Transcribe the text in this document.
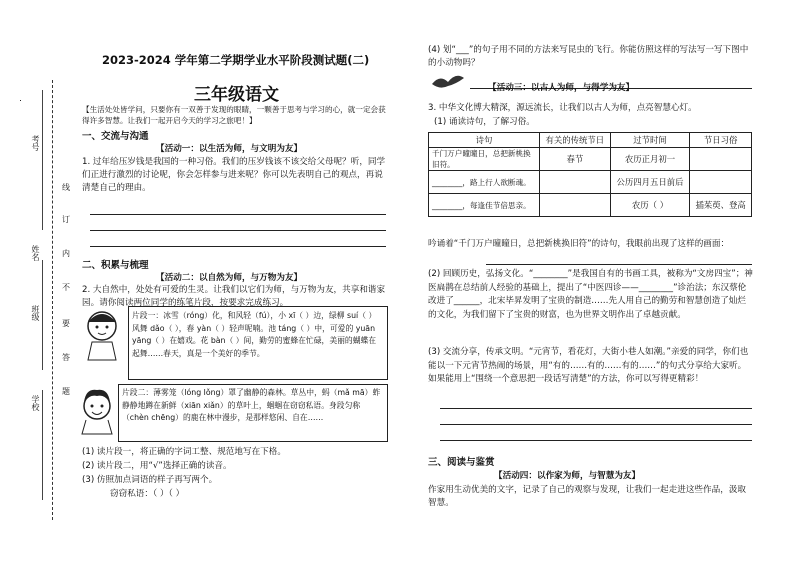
考号
姓名
班级
学校
线
订
内
不
要
答
题
2023-2024 学年第二学期学业水平阶段测试题(二)
三年级语文
【生活处处皆学问，只要你有一双善于发现的眼睛，一颗善于思考与学习的心，就一定会获得许多智慧。让我们一起开启今天的学习之旅吧！】
一、交流与沟通
【活动一：以生活为师，与文明为友】
1. 过年给压岁钱是我国的一种习俗。我们的压岁钱该不该交给父母呢？听，同学们正进行激烈的讨论呢，你会怎样参与进来呢？你可以先表明自己的观点，再说清楚自己的理由。
二、积累与梳理
【活动二：以自然为师，与万物为友】
2. 大自然中，处处有可爱的生灵。让我们以它们为师，与万物为友，共享和谐家园。请你阅读两位同学的练笔片段，按要求完成练习。
片段一：冰雪（róng）化，和风轻（fú），小 xī（ ）边，绿柳 suí（ ）风舞 dǎo（ ），春 yàn（ ）轻声呢喃。池 táng（ ）中，可爱的 yuān yāng（ ）在嬉戏。花 bàn（ ）间，勤劳的蜜蜂在忙碌，美丽的蝴蝶在起舞……春天，真是一个美好的季节。
片段二：薄雾笼（lóng lǒng）罩了幽静的森林。草丛中，蚂（mǎ mā）蚱静静地蹲在新鲜（xiān xiǎn）的草叶上，蝈蝈在窃窃私语。身段匀称（chèn chēng）的鹿在林中漫步，是那样悠闲、自在……
(1) 读片段一，将正确的字词工整、规范地写在下格。
(2) 读片段二，用“√”选择正确的读音。
(3) 仿照加点词语的样子再写两个。
窃窃私语：（ ）（ ）
(4) 划“___”的句子用不同的方法来写昆虫的飞行。你能仿照这样的写法写一写下图中的小动物吗？
【活动三：以古人为师，与得学为友】
3. 中华文化博大精深，源远流长，让我们以古人为师，点亮智慧心灯。
(1) 诵读诗句，了解习俗。
诗句	有关的传统节日	过节时间	节日习俗
千门万户曈曈日，总把新桃换旧符。	春节	农历正月初一	
________，路上行人欲断魂。		公历四月五日前后	
________，每逢佳节倍思亲。		农历（ ）	插茱萸、登高
吟诵着“千门万户曈曈日，总把新桃换旧符”的诗句，我眼前出现了这样的画面：
(2) 回顾历史，弘扬文化。“________”是我国自有的书画工具，被称为“文房四宝”；神医扁鹊在总结前人经验的基础上，提出了“中医四诊——________”诊治法；东汉蔡伦改进了______，北宋毕昇发明了宝贵的制造……先人用自己的勤劳和智慧创造了灿烂的文化，为我们留下了宝贵的财富，也为世界文明作出了卓越贡献。
(3) 交流分享，传承文明。“元宵节，看花灯，大街小巷人如潮。”亲爱的同学，你们也能以一下元宵节热闹的场景，用“有的……有的……有的……”的句式分享给大家听。如果能用上“围绕一个意思把一段话写清楚”的方法，你可以写得更精彩！
三、阅读与鉴赏
【活动四：以作家为师，与智慧为友】
作家用生动优美的文字，记录了自己的观察与发现，让我们一起走进这些作品，汲取智慧。
